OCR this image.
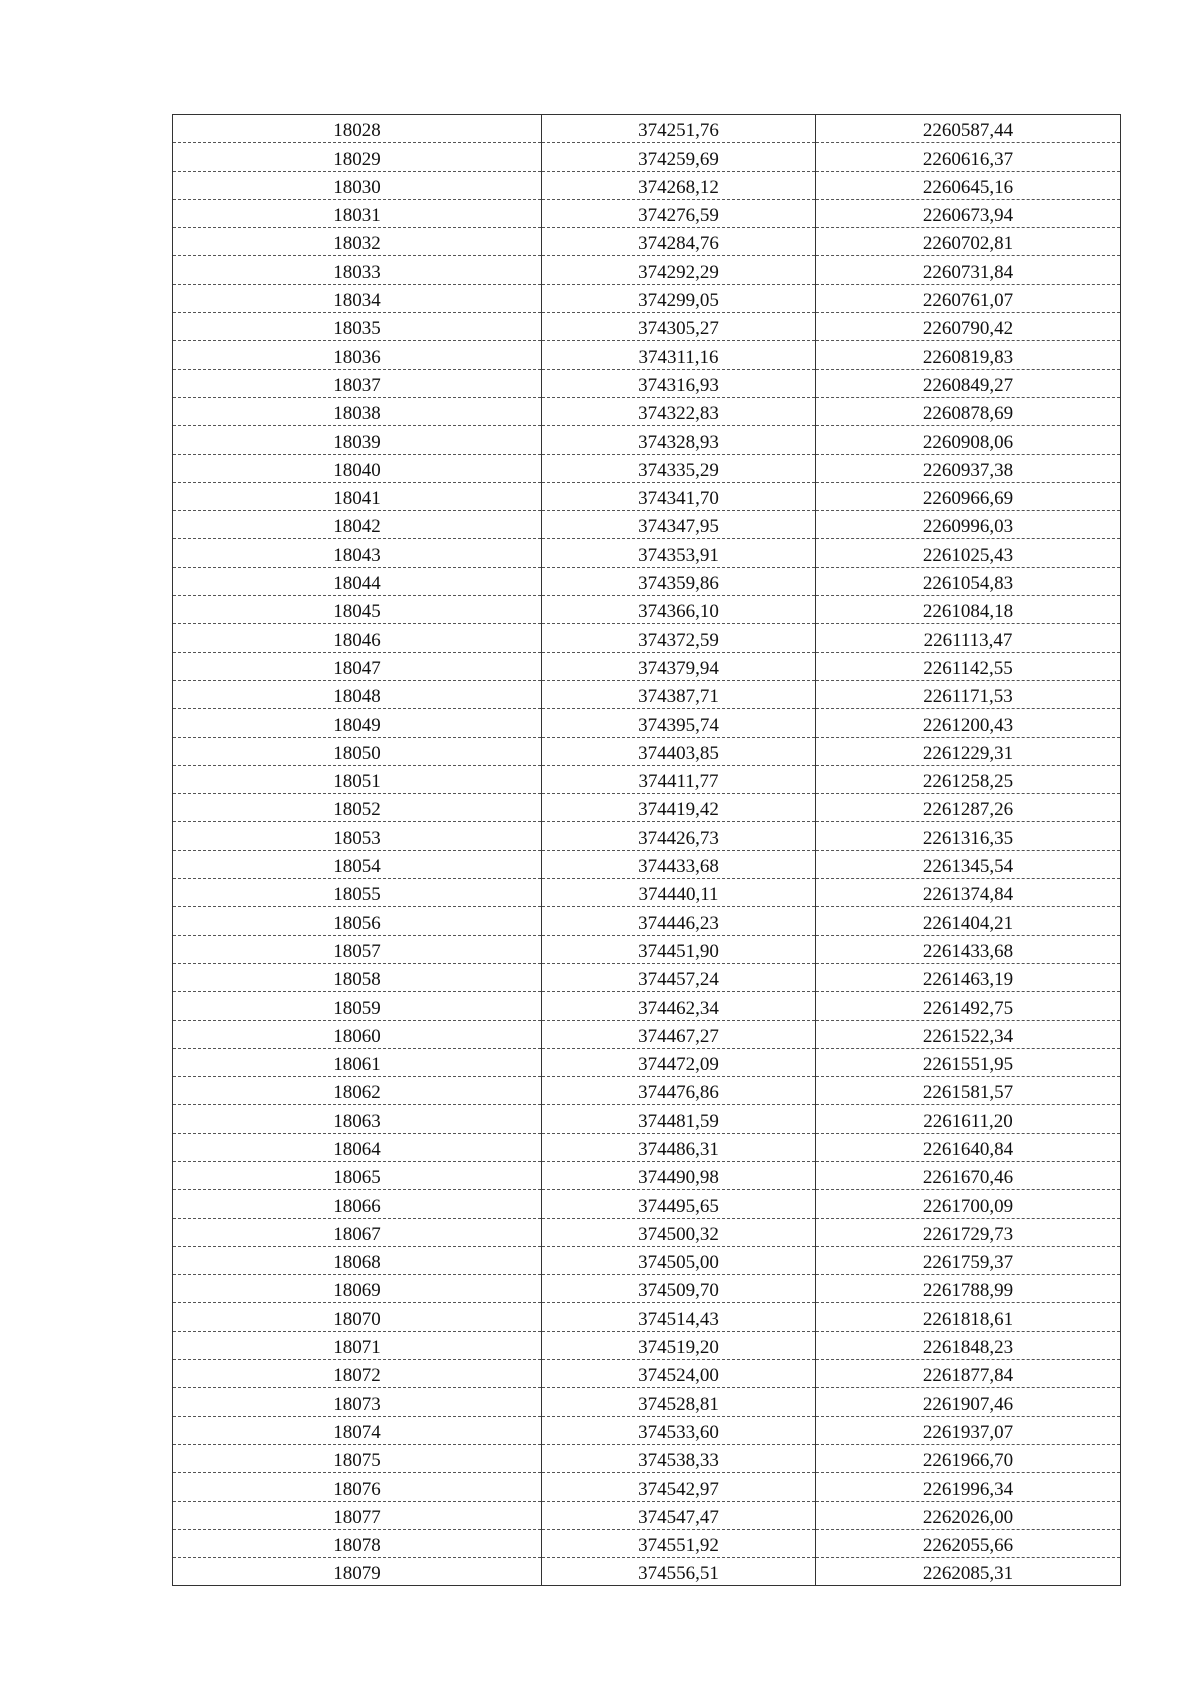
18028	374251,76	2260587,44
18029	374259,69	2260616,37
18030	374268,12	2260645,16
18031	374276,59	2260673,94
18032	374284,76	2260702,81
18033	374292,29	2260731,84
18034	374299,05	2260761,07
18035	374305,27	2260790,42
18036	374311,16	2260819,83
18037	374316,93	2260849,27
18038	374322,83	2260878,69
18039	374328,93	2260908,06
18040	374335,29	2260937,38
18041	374341,70	2260966,69
18042	374347,95	2260996,03
18043	374353,91	2261025,43
18044	374359,86	2261054,83
18045	374366,10	2261084,18
18046	374372,59	2261113,47
18047	374379,94	2261142,55
18048	374387,71	2261171,53
18049	374395,74	2261200,43
18050	374403,85	2261229,31
18051	374411,77	2261258,25
18052	374419,42	2261287,26
18053	374426,73	2261316,35
18054	374433,68	2261345,54
18055	374440,11	2261374,84
18056	374446,23	2261404,21
18057	374451,90	2261433,68
18058	374457,24	2261463,19
18059	374462,34	2261492,75
18060	374467,27	2261522,34
18061	374472,09	2261551,95
18062	374476,86	2261581,57
18063	374481,59	2261611,20
18064	374486,31	2261640,84
18065	374490,98	2261670,46
18066	374495,65	2261700,09
18067	374500,32	2261729,73
18068	374505,00	2261759,37
18069	374509,70	2261788,99
18070	374514,43	2261818,61
18071	374519,20	2261848,23
18072	374524,00	2261877,84
18073	374528,81	2261907,46
18074	374533,60	2261937,07
18075	374538,33	2261966,70
18076	374542,97	2261996,34
18077	374547,47	2262026,00
18078	374551,92	2262055,66
18079	374556,51	2262085,31
